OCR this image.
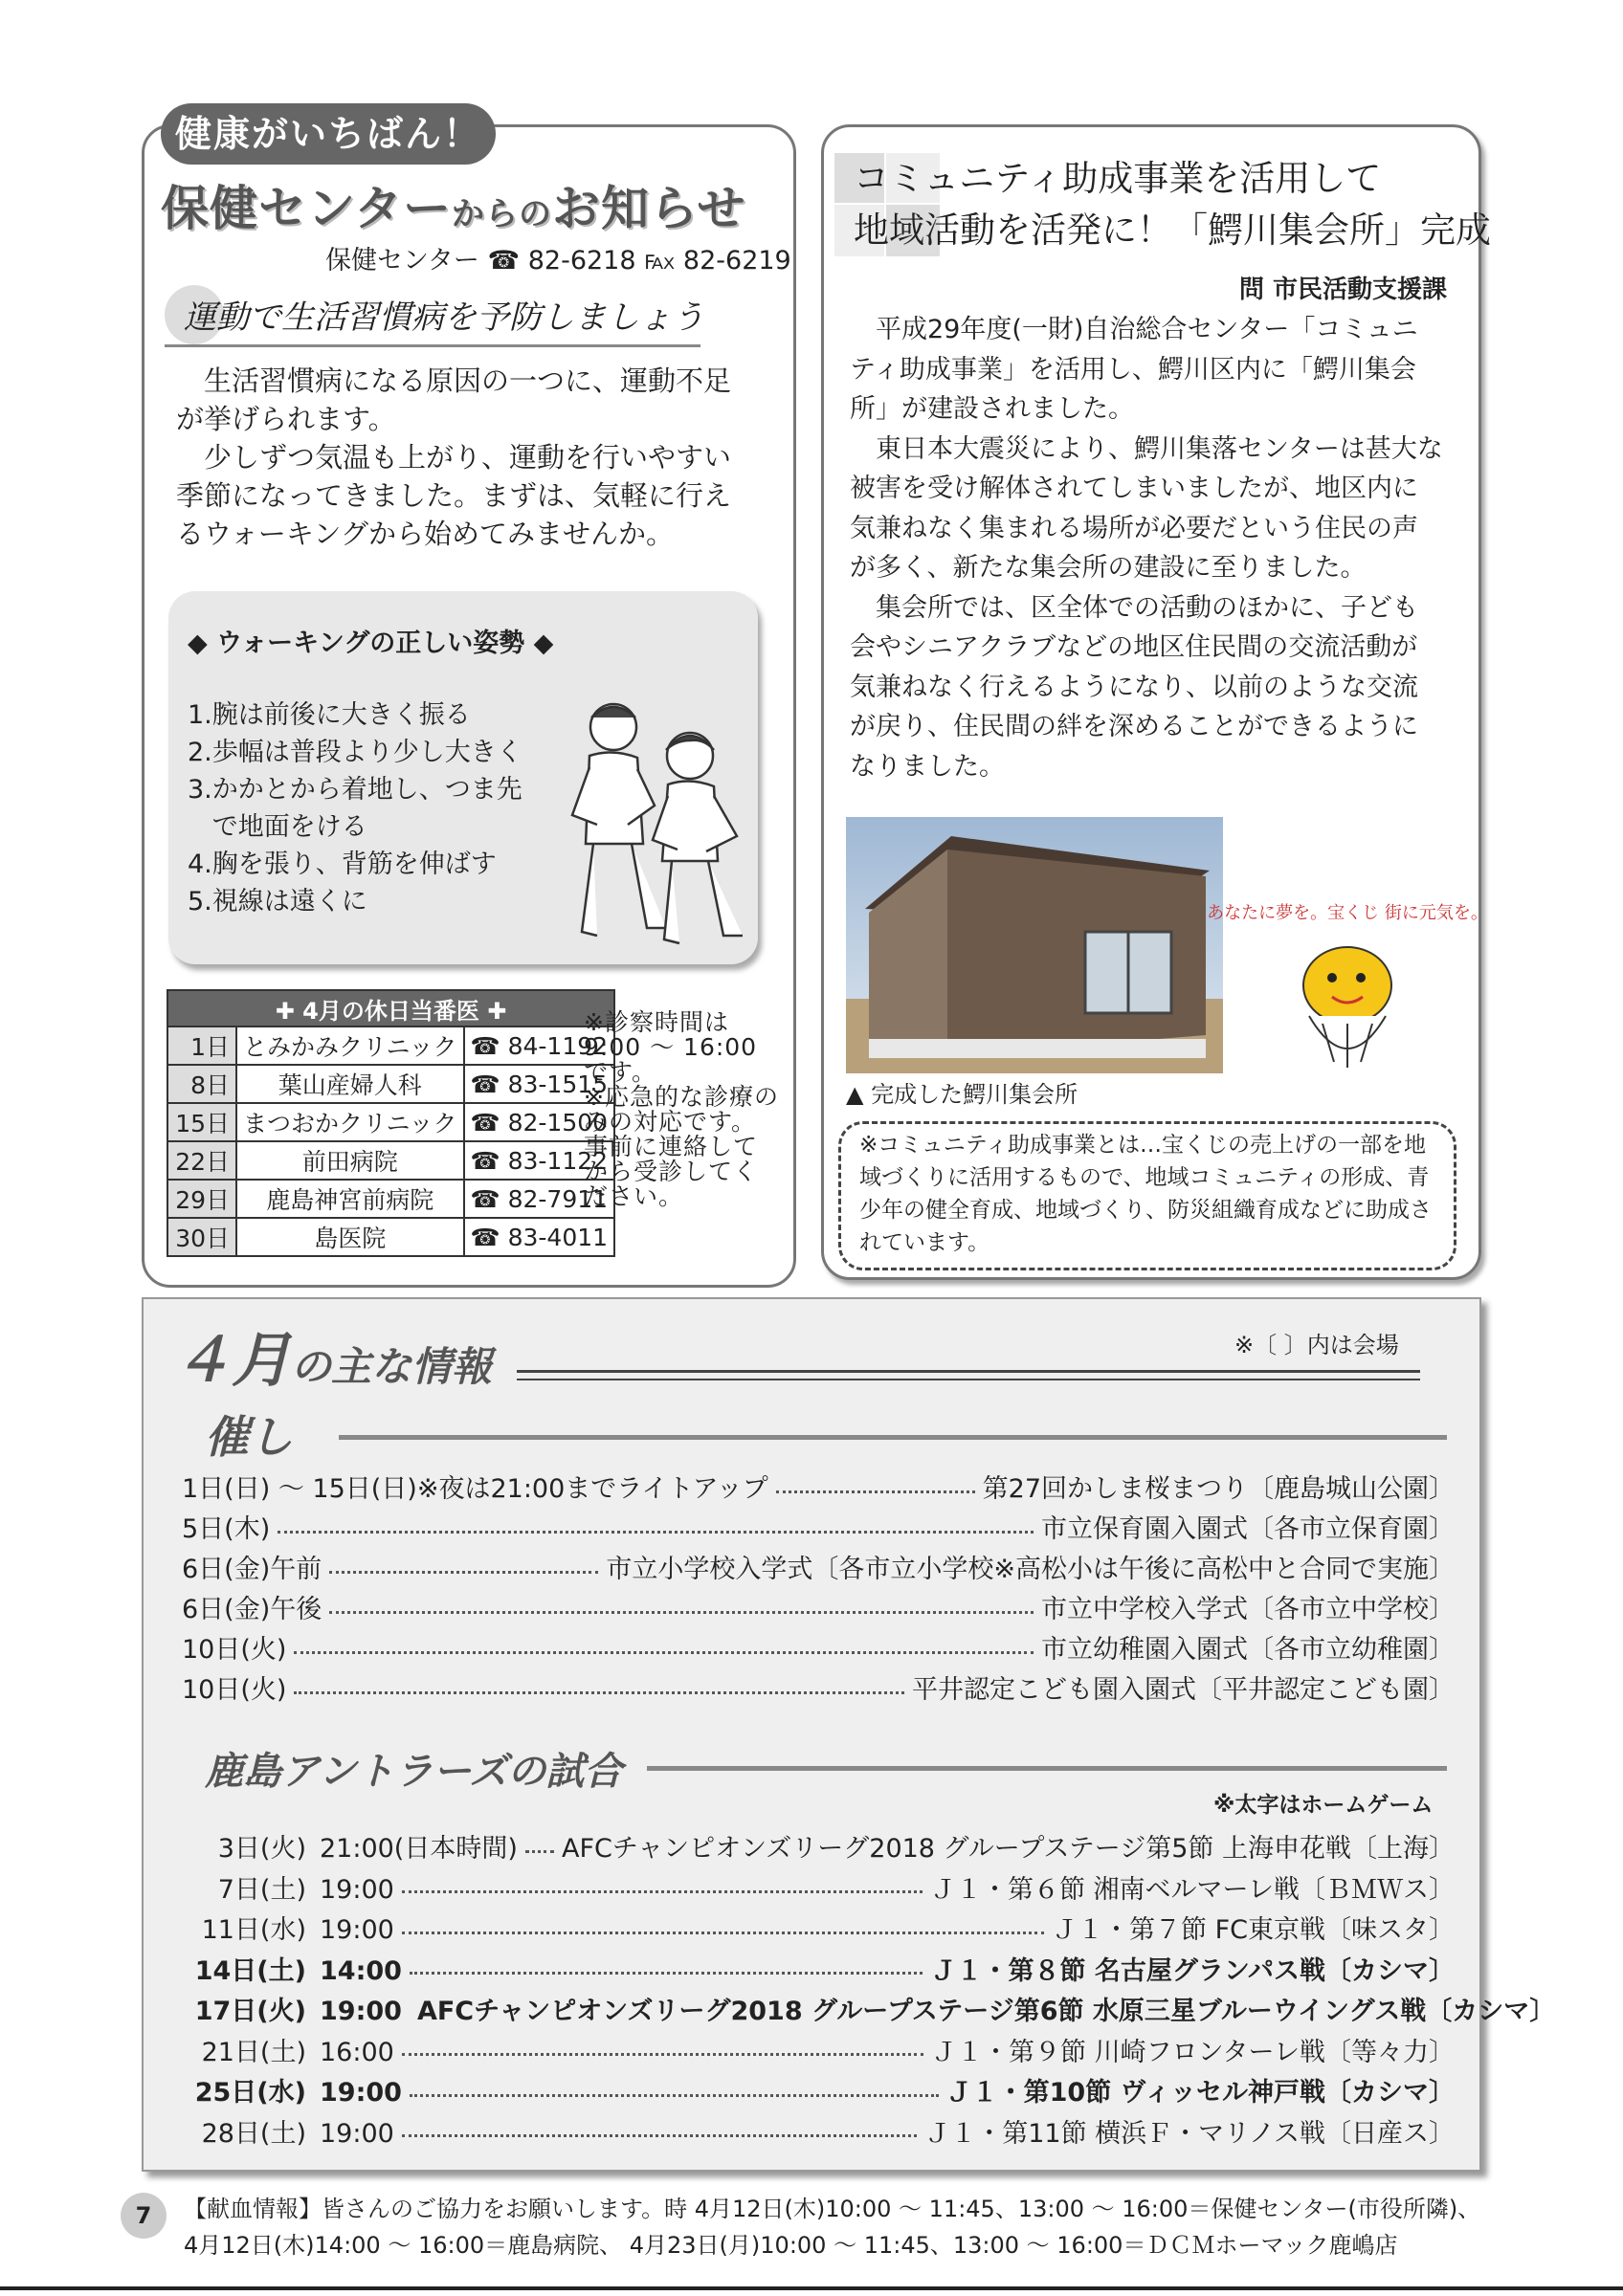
健康がいちばん！
保健センターからのお知らせ
保健センター ☎ 82-6218 ℻ 82-6219
運動で生活習慣病を予防しましょう

生活習慣病になる原因の一つに、運動不足が挙げられます。

少しずつ気温も上がり、運動を行いやすい季節になってきました。まずは、気軽に行えるウォーキングから始めてみませんか。

◆ ウォーキングの正しい姿勢 ◆
1.腕は前後に大きく振る
2.歩幅は普段より少し大きく
3.かかとから着地し、つま先
で地面をける
4.胸を張り、背筋を伸ばす
5.視線は遠くに
✚ 4月の休日当番医 ✚		
1日	とみかみクリニック	☎ 84-1192
8日	葉山産婦人科	☎ 83-1515
15日	まつおかクリニック	☎ 82-1500
22日	前田病院	☎ 83-1122
29日	鹿島神宮前病院	☎ 82-7911
30日	島医院	☎ 83-4011
※診察時間は 9:00 ～ 16:00 です。
※応急的な診療のみの対応です。事前に連絡してから受診してください。
コミュニティ助成事業を活用して
地域活動を活発に！「鰐川集会所」完成
問 市民活動支援課

平成29年度(一財)自治総合センター「コミュニティ助成事業」を活用し、鰐川区内に「鰐川集会所」が建設されました。

東日本大震災により、鰐川集落センターは甚大な被害を受け解体されてしまいましたが、地区内に気兼ねなく集まれる場所が必要だという住民の声が多く、新たな集会所の建設に至りました。

集会所では、区全体での活動のほかに、子ども会やシニアクラブなどの地区住民間の交流活動が気兼ねなく行えるようになり、以前のような交流が戻り、住民間の絆を深めることができるようになりました。

あなたに夢を。宝くじ 街に元気を。
▲ 完成した鰐川集会所
※コミュニティ助成事業とは…宝くじの売上げの一部を地域づくりに活用するもので、地域コミュニティの形成、青少年の健全育成、地域づくり、防災組織育成などに助成されています。
４月の主な情報	※〔 〕内は会場
催し
1日(日) ～ 15日(日)※夜は21:00までライトアップ	第27回かしま桜まつり〔鹿島城山公園〕
5日(木)	市立保育園入園式〔各市立保育園〕
6日(金)午前	市立小学校入学式〔各市立小学校※高松小は午後に高松中と合同で実施〕
6日(金)午後	市立中学校入学式〔各市立中学校〕
10日(火)	市立幼稚園入園式〔各市立幼稚園〕
10日(火)	平井認定こども園入園式〔平井認定こども園〕
鹿島アントラーズの試合
※太字はホームゲーム
3日(火) 21:00(日本時間) AFCチャンピオンズリーグ2018 グループステージ第5節 上海申花戦〔上海〕
7日(土) 19:00	Ｊ１・第６節 湘南ベルマーレ戦〔ＢＭＷス〕
11日(水) 19:00	Ｊ１・第７節 FC東京戦〔味スタ〕
14日(土) 14:00	Ｊ１・第８節 名古屋グランパス戦〔カシマ〕
17日(火) 19:00 AFCチャンピオンズリーグ2018 グループステージ第6節 水原三星ブルーウイングス戦〔カシマ〕
21日(土) 16:00	Ｊ１・第９節 川崎フロンターレ戦〔等々力〕
25日(水) 19:00	Ｊ１・第10節 ヴィッセル神戸戦〔カシマ〕
28日(土) 19:00	Ｊ１・第11節 横浜Ｆ・マリノス戦〔日産ス〕
7	【献血情報】皆さんのご協力をお願いします。時 4月12日(木)10:00 ～ 11:45、13:00 ～ 16:00＝保健センター(市役所隣)、
4月12日(木)14:00 ～ 16:00＝鹿島病院、 4月23日(月)10:00 ～ 11:45、13:00 ～ 16:00＝ＤＣＭホーマック鹿嶋店
